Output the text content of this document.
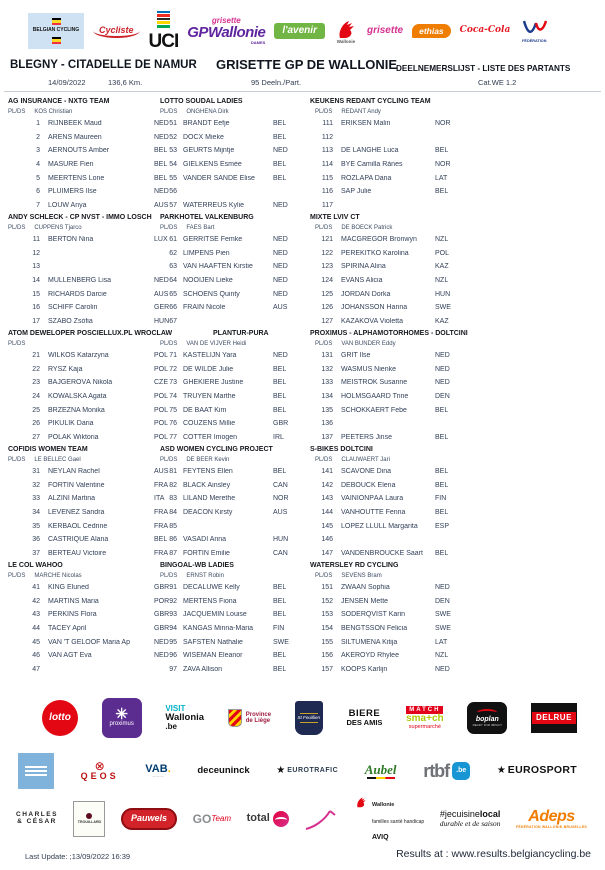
BELGIAN CYCLING	Cycliste
UCI
grisette
GPWallonie
DAMES
l'avenir
Wallonie
grisette	ethias	Coca-Cola
FÉDÉRATION
BLEGNY - CITADELLE DE NAMUR GRISETTE GP DE WALLONIE
DEELNEMERSLIJST - LISTE DES PARTANTS
14/09/2022	136,6 Km.	95 Deeln./Part.	Cat.WE 1.2
AG INSURANCE - NXTG TEAM
PL/DS KOS Christian
1 RIJNBEEK Maud	NED
2 ARENS Maureen	NED
3 AERNOUTS Amber	BEL
4 MASURE Fien	BEL
5 MEERTENS Lone	BEL
6 PLUIMERS Ilse	NED
7 LOUW Anya	AUS
LOTTO SOUDAL LADIES
PL/DS ONGHENA Dirk
51 BRANDT Eefje	BEL
52 DOCX Mieke	BEL
53 GEURTS Mijntje	NED
54 GIELKENS Esmée	BEL
55 VANDER SANDE Elise	BEL
56
57 WATERREUS Kylie	NED
KEUKENS REDANT CYCLING TEAM
PL/DS REDANT Andy
111 ERIKSEN Malin	NOR
112
113 DE LANGHE Luca	BEL
114 BYE Camilla Rånes	NOR
115 ROZLAPA Dana	LAT
116 SAP Julie	BEL
117
ANDY SCHLECK - CP NVST - IMMO LOSCH
PL/DS CUPPENS Tjarco
11 BERTON Nina	LUX
12
13
14 MÜLLENBERG Lisa	NED
15 RICHARDS Darcie	AUS
16 SCHIFF Carolin	GER
17 SZABÓ Zsófia	HUN
PARKHOTEL VALKENBURG
PL/DS FAES Bart
61 GERRITSE Femke	NED
62 LIMPENS Pien	NED
63 VAN HAAFTEN Kirstie	NED
64 NOOIJEN Lieke	NED
65 SCHOENS Quinty	NED
66 FRAIN Nicole	AUS
67
MIXTE LVIV CT
PL/DS DE BOECK Patrick
121 MACGREGOR Bronwyn	NZL
122 PEREKITKO Karolina	POL
123 SPIRINA Alina	KAZ
124 EVANS Alicia	NZL
125 JORDÁN Dorka	HUN
126 JOHANSSON Hanna	SWE
127 KAZAKOVA Violetta	KAZ
ATOM DEWELOPER POSCIELLUX.PL WROCLAW
PL/DS
21 WILKOS Katarzyna	POL
22 RYSZ Kaja	POL
23 BAJGEROVÁ Nikola	CZE
24 KOWALSKA Agata	POL
25 BRZEZNA Monika	POL
26 PIKULIK Daria	POL
27 POLAK Wiktoria	POL
PLANTUR-PURA
PL/DS VAN DE VIJVER Heidi
71 KASTELIJN Yara	NED
72 DE WILDE Julie	BEL
73 GHEKIERE Justine	BEL
74 TRUYEN Marthe	BEL
75 DE BAAT Kim	BEL
76 COUZENS Millie	GBR
77 COTTER Imogen	IRL
PROXIMUS - ALPHAMOTORHOMES - DOLTCINI
PL/DS VAN BUNDER Eddy
131 GRIT Ilse	NED
132 WASMUS Nienke	NED
133 MEISTROK Susanne	NED
134 HOLMSGAARD Trine	DEN
135 SCHOKKAERT Febe	BEL
136
137 PEETERS Jinse	BEL
COFIDIS WOMEN TEAM
PL/DS LE BELLEC Gael
31 NEYLAN Rachel	AUS
32 FORTIN Valentine	FRA
33 ALZINI Martina	ITA
34 LEVENEZ Sandra	FRA
35 KERBAOL Cedrine	FRA
36 CASTRIQUE Alana	BEL
37 BERTEAU Victoire	FRA
ASD WOMEN CYCLING PROJECT
PL/DS DE BEER Kevin
81 FEYTENS Ellen	BEL
82 BLACK Ainsley	CAN
83 LILAND Merethe	NOR
84 DEACON Kirsty	AUS
85
86 VASADI Anna	HUN
87 FORTIN Emilie	CAN
S-BIKES DOLTCINI
PL/DS CLAUWAERT Jari
141 SCAVONE Dina	BEL
142 DEBOUCK Elena	BEL
143 VAINIONPÄÄ Laura	FIN
144 VANHOUTTE Fenna	BEL
145 LOPEZ LLULL Margarita	ESP
146
147 VANDENBROUCKE Saart	BEL
LE COL WAHOO
PL/DS MARCHE Nicolas
41 KING Eluned	GBR
42 MARTINS Maria	POR
43 PERKINS Flora	GBR
44 TACEY April	GBR
45 VAN 'T GELOOF Maria Ap	NED
46 VAN AGT Eva	NED
47
BINGOAL-WB LADIES
PL/DS ERNST Robin
91 DECALUWE Kelly	BEL
92 MERTENS Fiona	BEL
93 JACQUEMIN Louise	BEL
94 KANGAS Minna-Maria	FIN
95 SÄFSTEN Nathalie	SWE
96 WISEMAN Eleanor	BEL
97 ZAVA Allison	BEL
WATERSLEY RD CYCLING
PL/DS SEVENS Bram
151 ZWAAN Sophia	NED
152 JENSEN Mette	DEN
153 SODERQVIST Karin	SWE
154 BENGTSSON Felicia	SWE
155 SILTUMENA Kitija	LAT
156 AKEROYD Rhylee	NZL
157 KOOPS Karlijn	NED
lotto	✳
proximus
VISIT
Wallonia
.be
Province
de Liège
St Feuillien	BIERE
DES AMIS
MATCH
sma+ch
supermarché
boplan
READY FOR IMPACT
DELRUE
⊗
QEOS
VAB.
— — —
deceuninck	★ EUROTRAFIC Aubel rtbf .be	★ EUROSPORT
CHARLES
& CÉSAR	TROUILLARD	Pauwels	GO Team total
Wallonie
familles santé handicap
AVIQ
#jecuisinelocal
durable et de saison Adeps
FÉDÉRATION WALLONIE-BRUXELLES
Last Update: ;13/09/2022 16:39	Results at : www.results.belgiancycling.be
